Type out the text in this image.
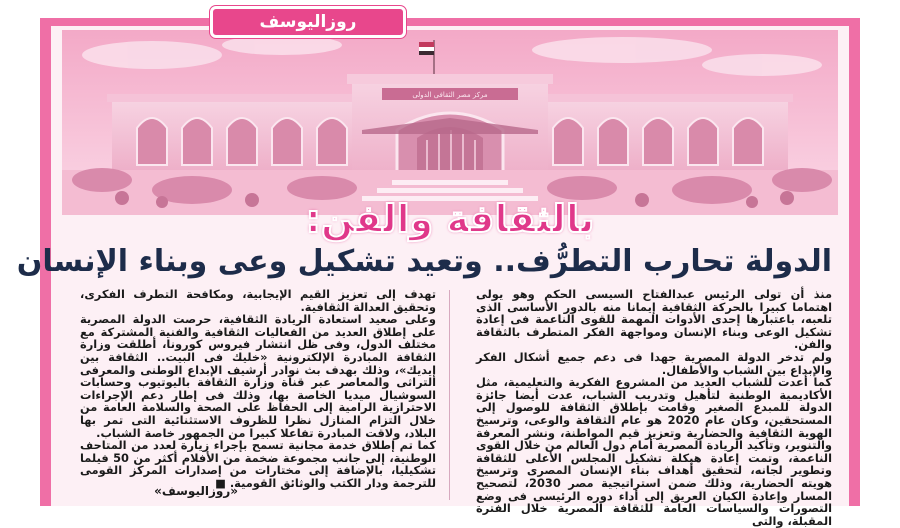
مركز مصر الثقافى الدولى
روزاليوسف
بالثقافة والفن:
الدولة تحارب التطرُّف.. وتعيد تشكيل وعى وبناء الإنسان

منذ أن تولى الرئيس عبدالفتاح السيسى الحكم وهو يولى اهتماما كبيرا بالحركة الثقافية إيمانا منه بالدور الأساسى الذى تلعبه، باعتبارها إحدى الأدوات المهمة للقوى الناعمة فى إعادة تشكيل الوعى وبناء الإنسان ومواجهة الفكر المتطرف بالثقافة والفن.

ولم تدخر الدولة المصرية جهدا فى دعم جميع أشكال الفكر والإبداع بين الشباب والأطفال.

كما أعدت للشباب العديد من المشروع الفكرية والتعليمية، مثل الأكاديمية الوطنية لتأهيل وتدريب الشباب، عدت أيضا جائزة الدولة للمبدع الصغير وقامت بإطلاق الثقافة للوصول إلى المستحقين، وكان عام 2020 هو عام الثقافة والوعى، وترسيخ الهوية الثقافية والحضارية وتعزيز قيم المواطنة، ونشر المعرفة والتنوير، وتأكيد الريادة المصرية أمام دول العالم من خلال القوى الناعمة، وتمت إعادة هيكلة تشكيل المجلس الأعلى للثقافة وتطوير لجانه، لتحقيق أهداف بناء الإنسان المصرى وترسيخ هويته الحضارية، وذلك ضمن استراتيجية مصر 2030، لتصحيح المسار وإعادة الكيان العريق إلى أداء دوره الرئيسى فى وضع التصورات والسياسات العامة للثقافة المصرية خلال الفترة المقبلة، والتى

تهدف إلى تعزيز القيم الإيجابية، ومكافحة التطرف الفكرى، وتحقيق العدالة الثقافية.

وعلى صعيد استعادة الريادة الثقافية، حرصت الدولة المصرية على إطلاق العديد من الفعاليات الثقافية والفنية المشتركة مع مختلف الدول، وفى ظل انتشار فيروس كورونا، أطلقت وزارة الثقافة المبادرة الإلكترونية «خليك فى البيت.. الثقافة بين إيديك»، وذلك بهدف بث نوادر أرشيف الإبداع الوطنى والمعرفى التراثى والمعاصر عبر قناة وزارة الثقافة باليوتيوب وحسابات السوشيال ميديا الخاصة بها، وذلك فى إطار دعم الإجراءات الاحترازية الرامية إلى الحفاظ على الصحة والسلامة العامة من خلال التزام المنازل نظرا للظروف الاستثنائية التى تمر بها البلاد، ولاقت المبادرة تفاعلا كبيرا من الجمهور خاصة الشباب.

كما تم إطلاق خدمة مجانية تسمح بإجراء زيارة لعدد من المتاحف الوطنية، إلى جانب مجموعة ضخمة من الأفلام أكثر من 50 فيلما تشكيليا، بالإضافة إلى مختارات من إصدارات المركز القومى للترجمة ودار الكتب والوثائق القومية. ■

«روزاليوسف»
